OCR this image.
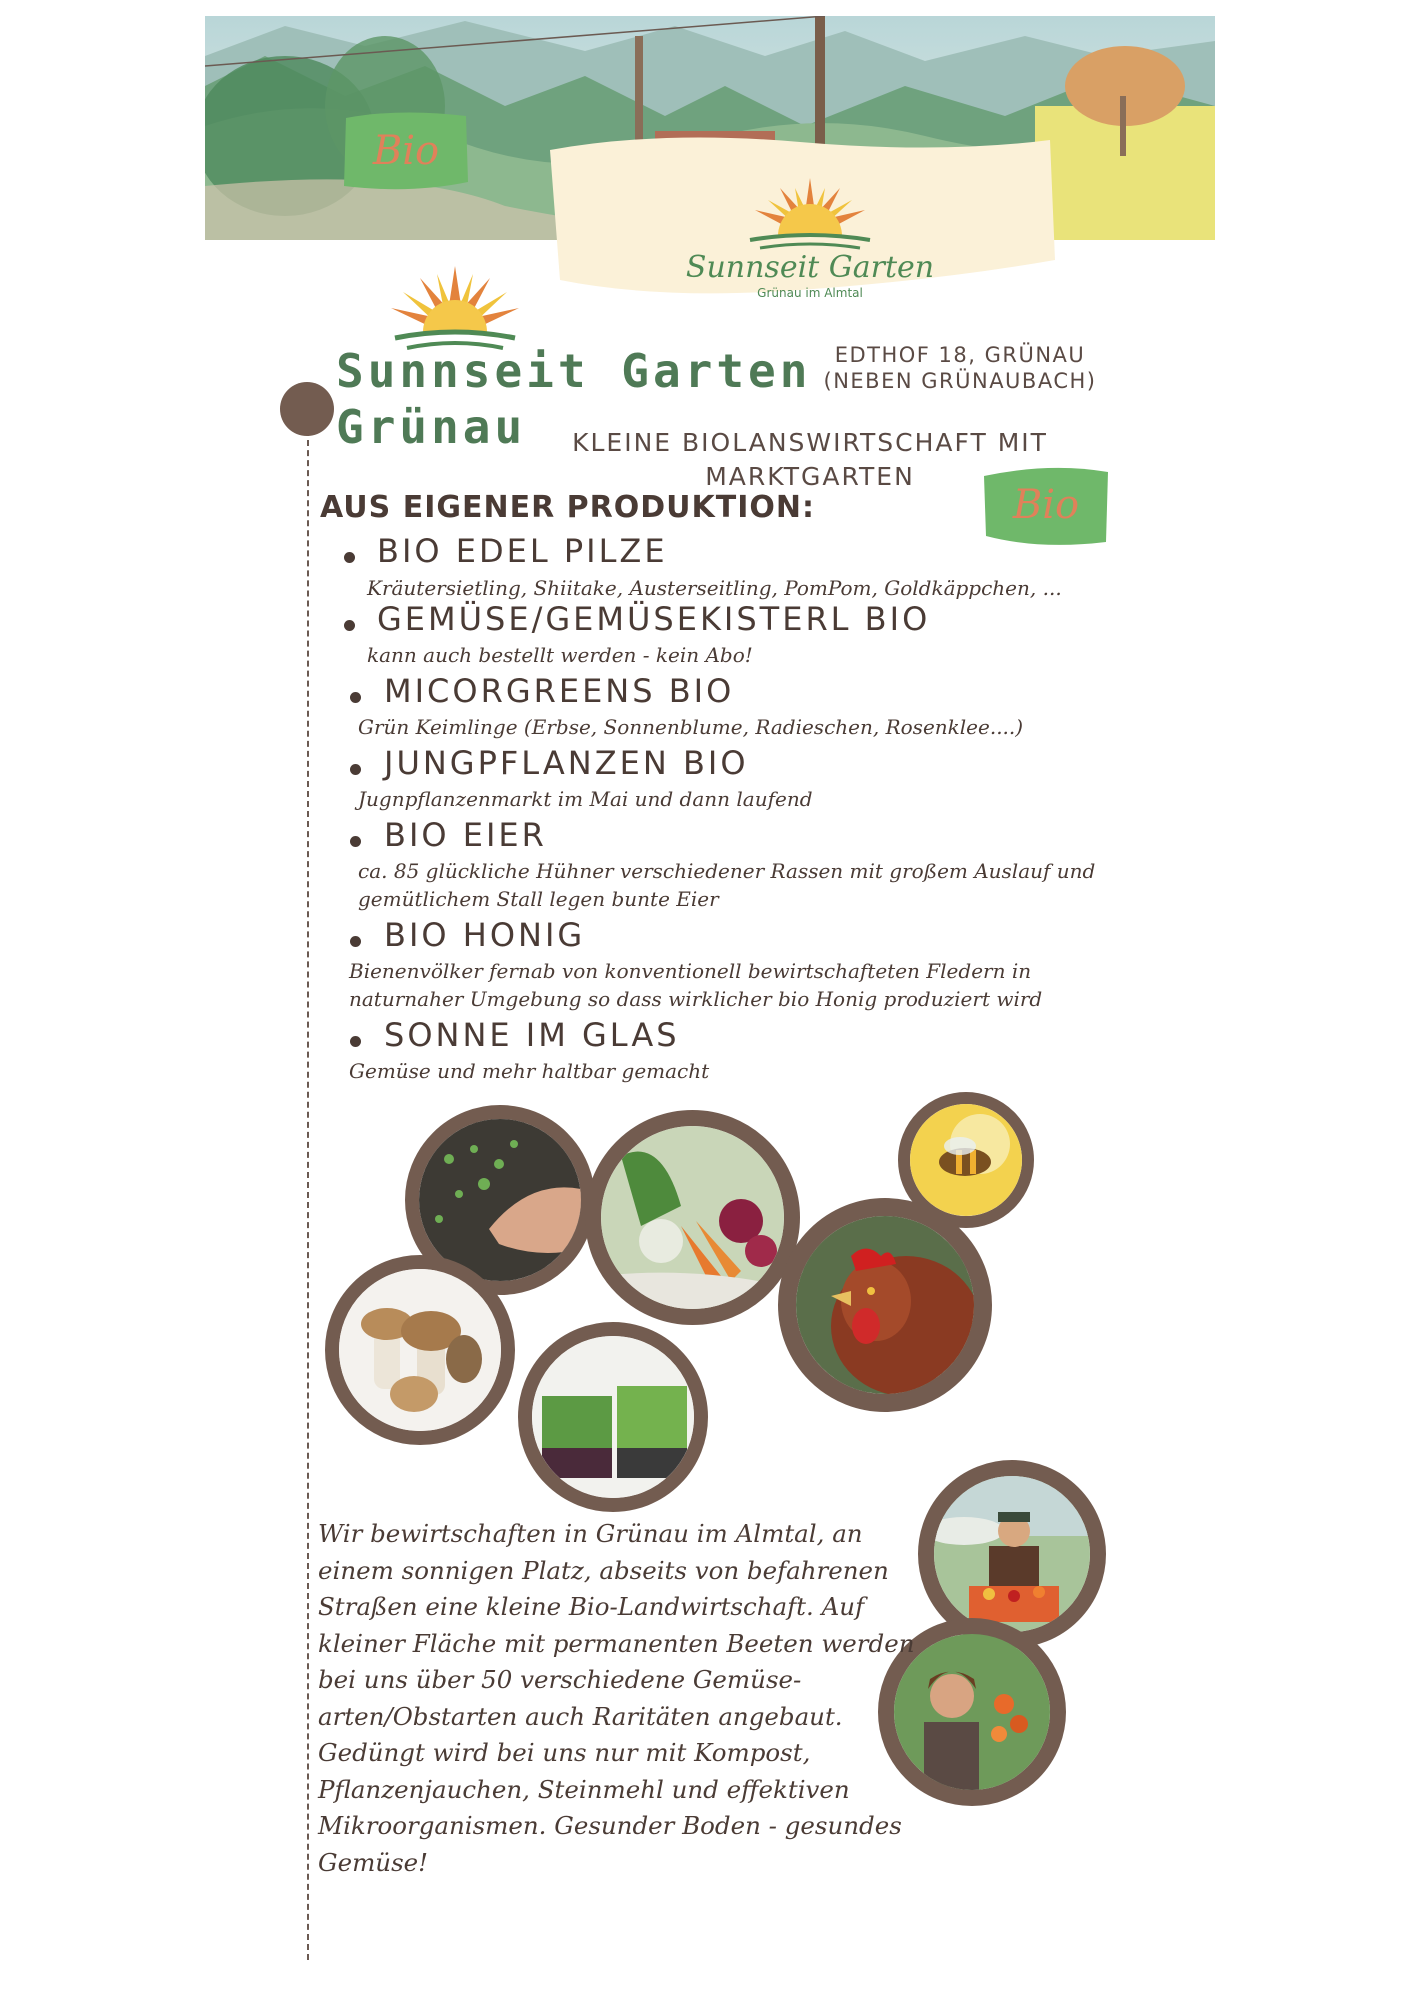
Bio
Sunnseit Garten
Grünau im Almtal
Sunnseit Garten
Grünau
EDTHOF 18, GRÜNAU
(NEBEN GRÜNAUBACH)
KLEINE BIOLANSWIRTSCHAFT MIT
MARKTGARTEN
Bio
AUS EIGENER PRODUKTION:
BIO EDEL PILZE
Kräutersietling, Shiitake, Austerseitling, PomPom, Goldkäppchen, ...
GEMÜSE/GEMÜSEKISTERL BIO
kann auch bestellt werden - kein Abo!
MICORGREENS BIO
Grün Keimlinge (Erbse, Sonnenblume, Radieschen, Rosenklee....)
JUNGPFLANZEN BIO
Jugnpflanzenmarkt im Mai und dann laufend
BIO EIER
ca. 85 glückliche Hühner verschiedener Rassen mit großem Auslauf und
gemütlichem Stall legen bunte Eier
BIO HONIG
Bienenvölker fernab von konventionell bewirtschafteten Fledern in
naturnaher Umgebung so dass wirklicher bio Honig produziert wird
SONNE IM GLAS
Gemüse und mehr haltbar gemacht
Wir bewirtschaften in Grünau im Almtal, an
einem sonnigen Platz, abseits von befahrenen
Straßen eine kleine Bio-Landwirtschaft. Auf
kleiner Fläche mit permanenten Beeten werden
bei uns über 50 verschiedene Gemüse-
arten/Obstarten auch Raritäten angebaut.
Gedüngt wird bei uns nur mit Kompost,
Pflanzenjauchen, Steinmehl und effektiven
Mikroorganismen. Gesunder Boden - gesundes
Gemüse!
